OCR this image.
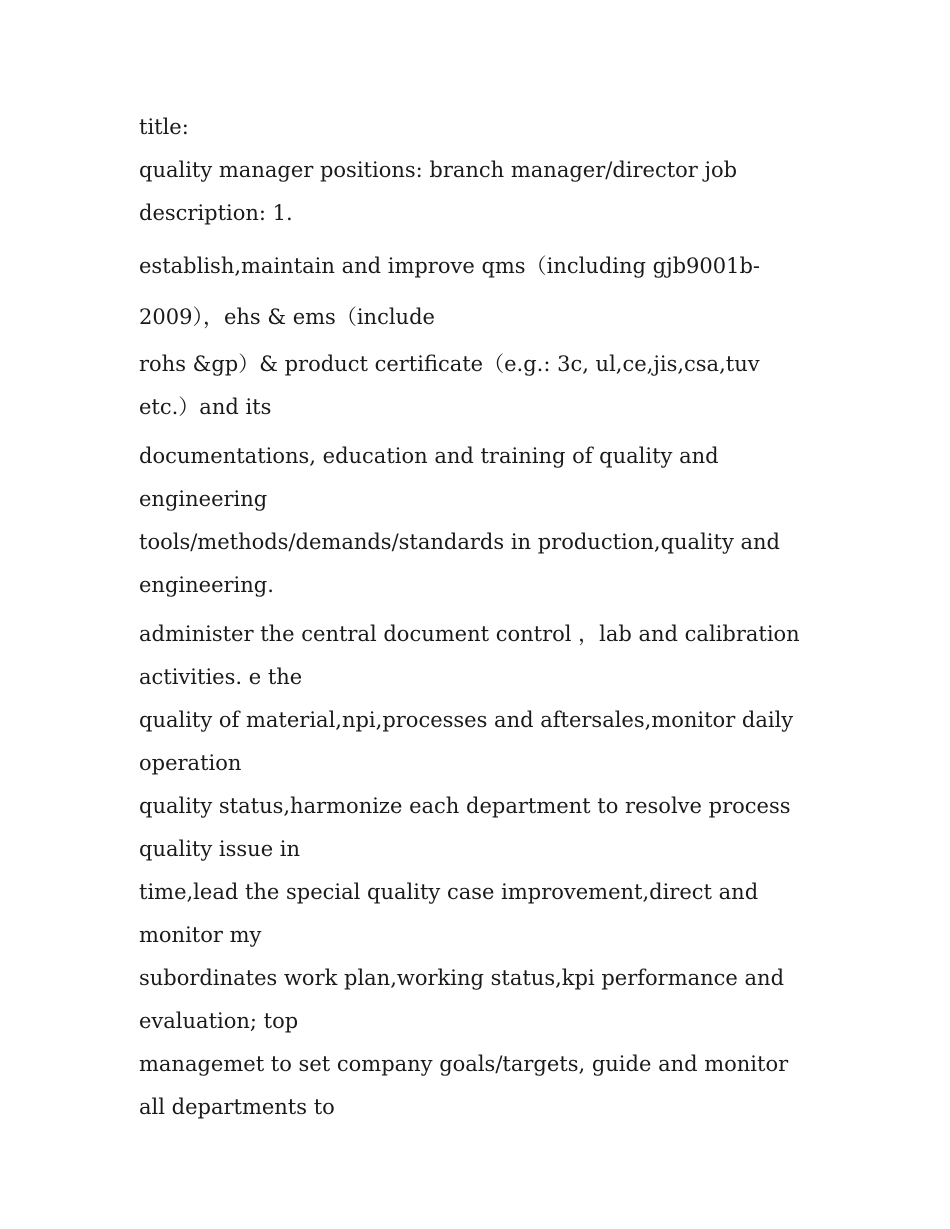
title:

quality manager positions: branch manager/director job description: 1.

establish,maintain and improve qms（including gjb9001b-2009），ehs & ems（include

rohs &gp）& product certificate（e.g.: 3c, ul,ce,jis,csa,tuv etc.）and its

documentations, education and training of quality and engineering

tools/methods/demands/standards in production,quality and engineering.

administer the central document control ，lab and calibration activities. e the

quality of material,npi,processes and aftersales,monitor daily operation

quality status,harmonize each department to resolve process quality issue in

time,lead the special quality case improvement,direct and monitor my

subordinates work plan,working status,kpi performance and evaluation; top

managemet to set company goals/targets, guide and monitor all departments to
